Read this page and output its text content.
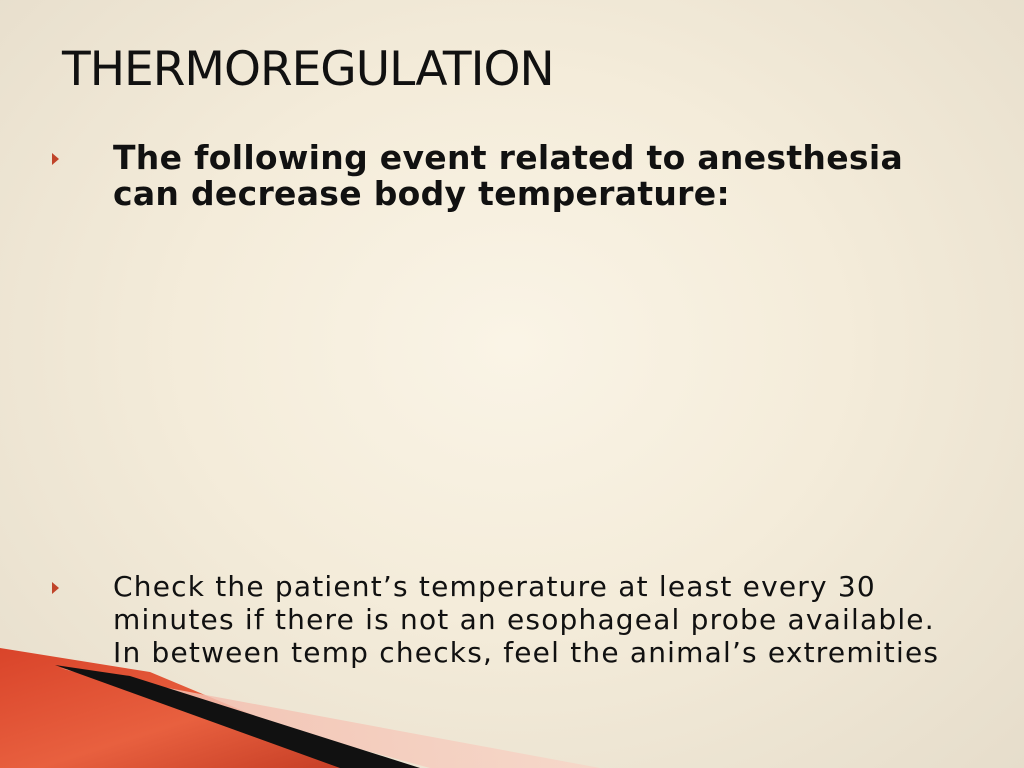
THERMOREGULATION
The following event related to anesthesia can decrease body temperature:
Check the patient’s temperature at least every 30 minutes if there is not an esophageal probe available. In between temp checks, feel the animal’s extremities
